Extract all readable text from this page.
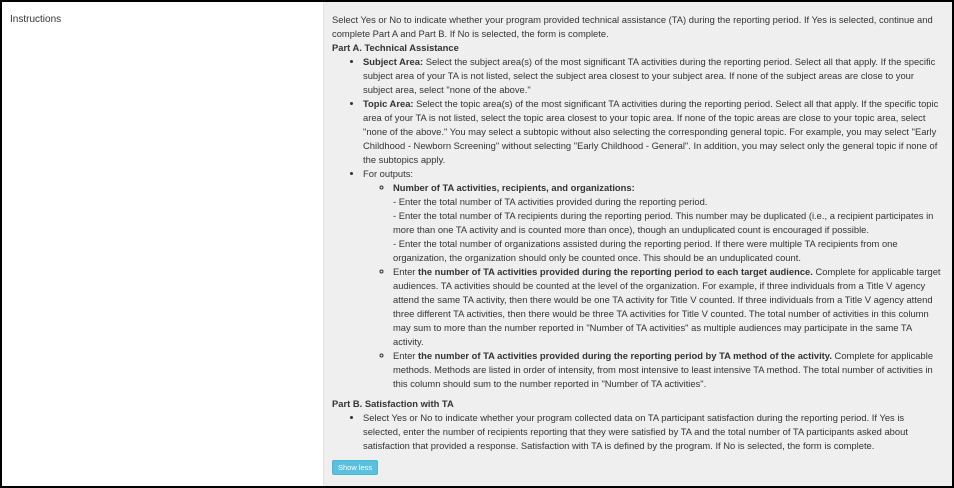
Instructions	Select Yes or No to indicate whether your program provided technical assistance (TA) during the reporting period. If Yes is selected, continue and complete Part A and Part B. If No is selected, the form is complete.

Part A. Technical Assistance

• Subject Area: Select the subject area(s) of the most significant TA activities during the reporting period. Select all that apply. If the specific subject area of your TA is not listed, select the subject area closest to your subject area. If none of the subject areas are close to your subject area, select "none of the above."
• Topic Area: Select the topic area(s) of the most significant TA activities during the reporting period. Select all that apply. If the specific topic area of your TA is not listed, select the topic area closest to your topic area. If none of the topic areas are close to your topic area, select "none of the above." You may select a subtopic without also selecting the corresponding general topic. For example, you may select "Early Childhood - Newborn Screening" without selecting "Early Childhood - General". In addition, you may select only the general topic if none of the subtopics apply.
• For outputs:
◦ Number of TA activities, recipients, and organizations:
- Enter the total number of TA activities provided during the reporting period.
- Enter the total number of TA recipients during the reporting period. This number may be duplicated (i.e., a recipient participates in more than one TA activity and is counted more than once), though an unduplicated count is encouraged if possible.
- Enter the total number of organizations assisted during the reporting period. If there were multiple TA recipients from one organization, the organization should only be counted once. This should be an unduplicated count.
◦ Enter the number of TA activities provided during the reporting period to each target audience. Complete for applicable target audiences. TA activities should be counted at the level of the organization. For example, if three individuals from a Title V agency attend the same TA activity, then there would be one TA activity for Title V counted. If three individuals from a Title V agency attend three different TA activities, then there would be three TA activities for Title V counted. The total number of activities in this column may sum to more than the number reported in "Number of TA activities" as multiple audiences may participate in the same TA activity.
◦ Enter the number of TA activities provided during the reporting period by TA method of the activity. Complete for applicable methods. Methods are listed in order of intensity, from most intensive to least intensive TA method. The total number of activities in this column should sum to the number reported in "Number of TA activities".

Part B. Satisfaction with TA

• Select Yes or No to indicate whether your program collected data on TA participant satisfaction during the reporting period. If Yes is selected, enter the number of recipients reporting that they were satisfied by TA and the total number of TA participants asked about satisfaction that provided a response. Satisfaction with TA is defined by the program. If No is selected, the form is complete.
Show less
